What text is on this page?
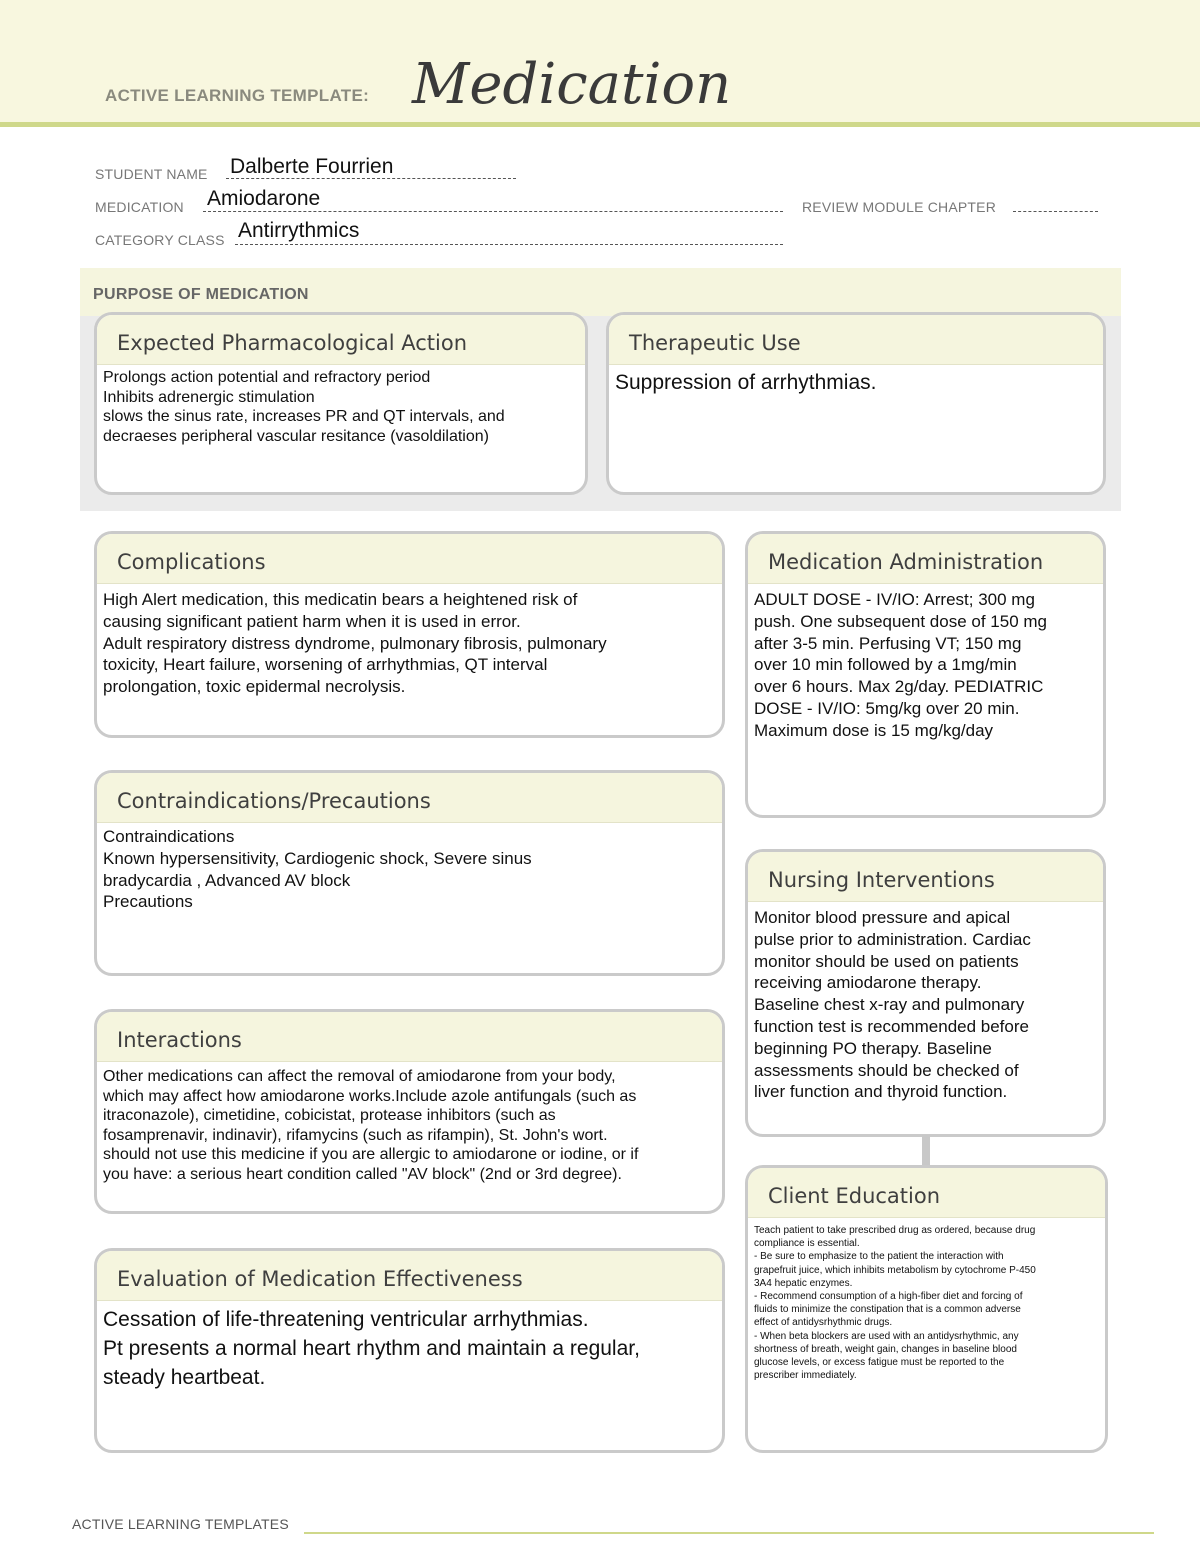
ACTIVE LEARNING TEMPLATE: Medication
STUDENT NAME Dalberte Fourrien
MEDICATION Amiodarone	REVIEW MODULE CHAPTER
CATEGORY CLASS Antirrythmics
PURPOSE OF MEDICATION
Expected Pharmacological Action
Prolongs action potential and refractory period
Inhibits adrenergic stimulation
slows the sinus rate, increases PR and QT intervals, and
decraeses peripheral vascular resitance (vasoldilation)
Therapeutic Use
Suppression of arrhythmias.
Complications
High Alert medication, this medicatin bears a heightened risk of
causing significant patient harm when it is used in error.
Adult respiratory distress dyndrome, pulmonary fibrosis, pulmonary
toxicity, Heart failure, worsening of arrhythmias, QT interval
prolongation, toxic epidermal necrolysis.
Medication Administration
ADULT DOSE - IV/IO: Arrest; 300 mg
push. One subsequent dose of 150 mg
after 3-5 min. Perfusing VT; 150 mg
over 10 min followed by a 1mg/min
over 6 hours. Max 2g/day. PEDIATRIC
DOSE - IV/IO: 5mg/kg over 20 min.
Maximum dose is 15 mg/kg/day
Contraindications/Precautions
Contraindications
Known hypersensitivity, Cardiogenic shock, Severe sinus
bradycardia , Advanced AV block
Precautions
Nursing Interventions
Monitor blood pressure and apical
pulse prior to administration. Cardiac
monitor should be used on patients
receiving amiodarone therapy.
Baseline chest x-ray and pulmonary
function test is recommended before
beginning PO therapy. Baseline
assessments should be checked of
liver function and thyroid function.
Interactions
Other medications can affect the removal of amiodarone from your body,
which may affect how amiodarone works.Include azole antifungals (such as
itraconazole), cimetidine, cobicistat, protease inhibitors (such as
fosamprenavir, indinavir), rifamycins (such as rifampin), St. John's wort.
should not use this medicine if you are allergic to amiodarone or iodine, or if
you have: a serious heart condition called "AV block" (2nd or 3rd degree).
Client Education
Teach patient to take prescribed drug as ordered, because drug
compliance is essential.
- Be sure to emphasize to the patient the interaction with
grapefruit juice, which inhibits metabolism by cytochrome P-450
3A4 hepatic enzymes.
- Recommend consumption of a high-fiber diet and forcing of
fluids to minimize the constipation that is a common adverse
effect of antidysrhythmic drugs.
- When beta blockers are used with an antidysrhythmic, any
shortness of breath, weight gain, changes in baseline blood
glucose levels, or excess fatigue must be reported to the
prescriber immediately.
Evaluation of Medication Effectiveness
Cessation of life-threatening ventricular arrhythmias.
Pt presents a normal heart rhythm and maintain a regular,
steady heartbeat.
ACTIVE LEARNING TEMPLATES
